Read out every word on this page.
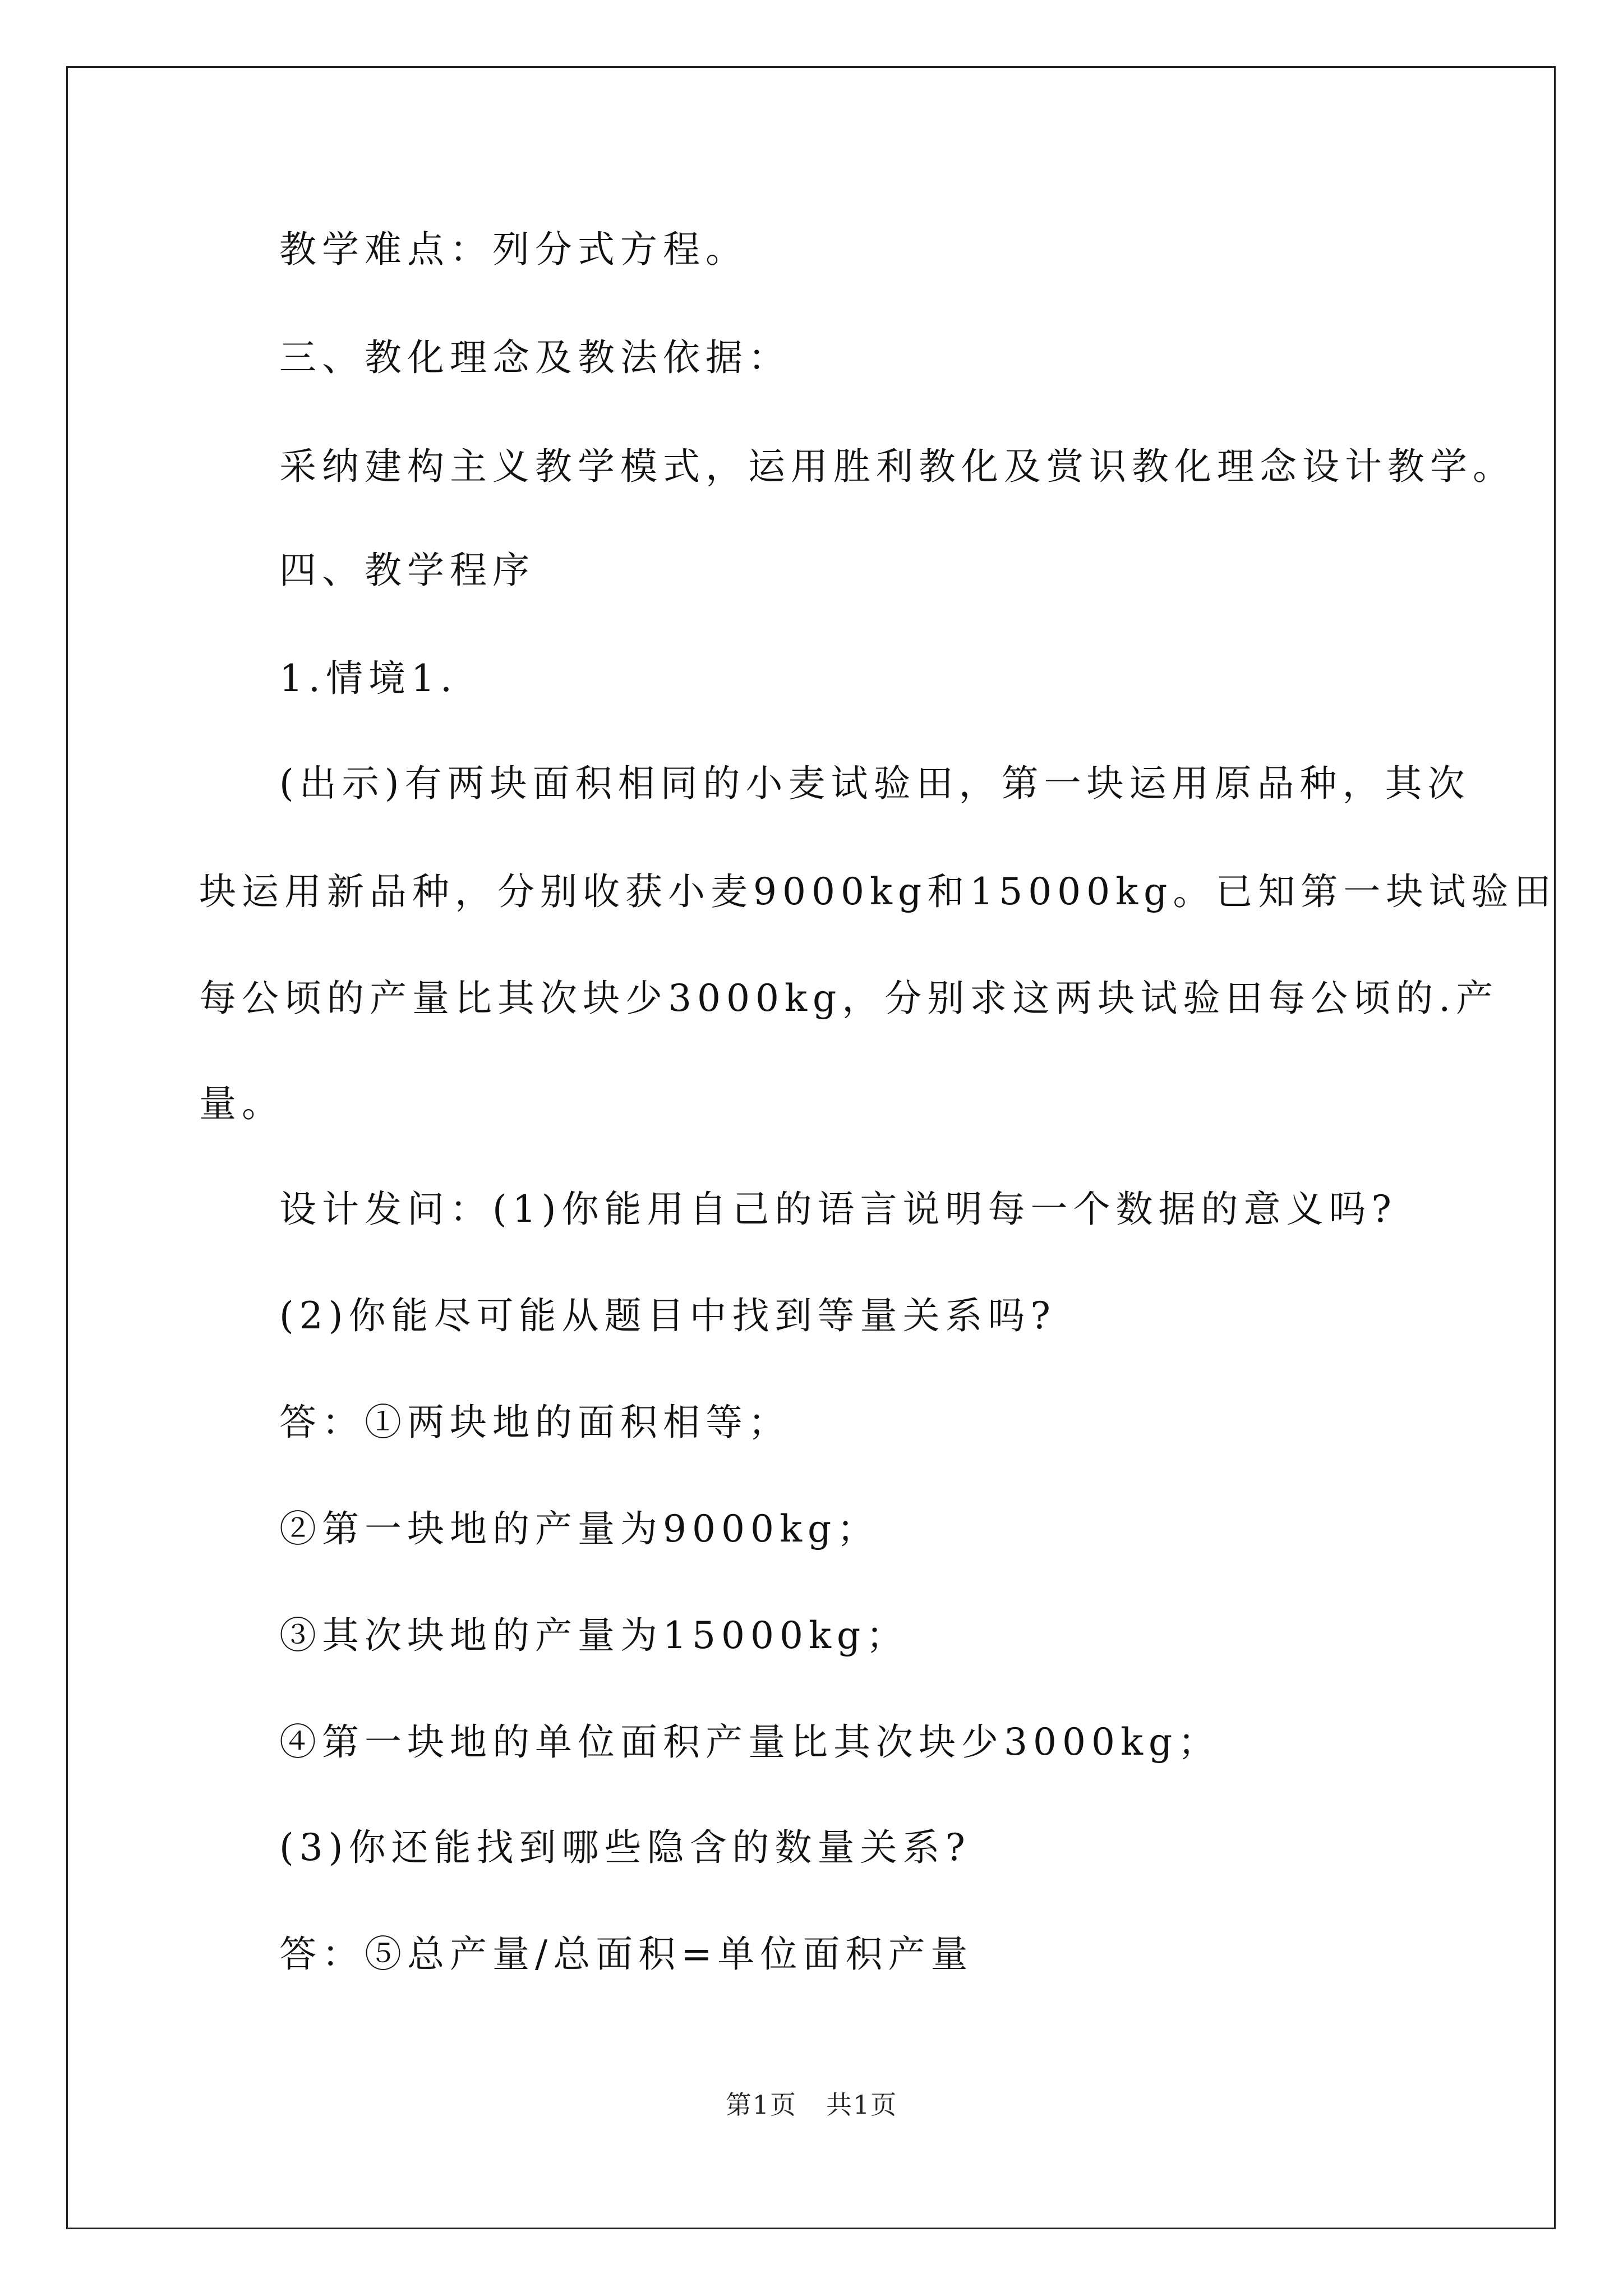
教学难点：列分式方程。

三、教化理念及教法依据：

采纳建构主义教学模式，运用胜利教化及赏识教化理念设计教学。

四、教学程序

1.情境1.

(出示)有两块面积相同的小麦试验田，第一块运用原品种，其次

块运用新品种，分别收获小麦9000kg和15000kg。已知第一块试验田

每公顷的产量比其次块少3000kg，分别求这两块试验田每公顷的.产

量。

设计发问：(1)你能用自己的语言说明每一个数据的意义吗?

(2)你能尽可能从题目中找到等量关系吗?

答：①两块地的面积相等；

②第一块地的产量为9000kg；

③其次块地的产量为15000kg；

④第一块地的单位面积产量比其次块少3000kg；

(3)你还能找到哪些隐含的数量关系?

答：⑤总产量/总面积=单位面积产量

第1页 共1页
